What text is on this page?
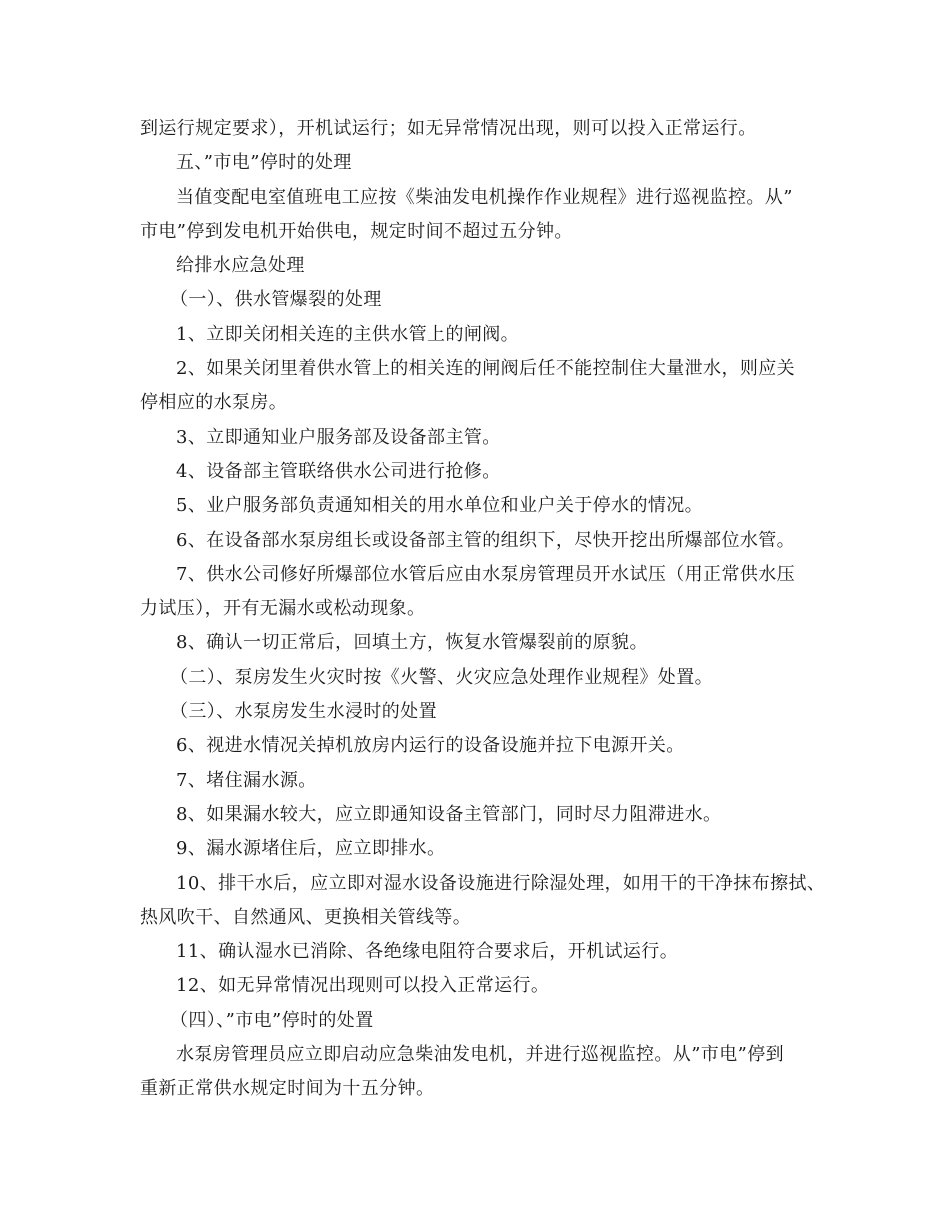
到运行规定要求），开机试运行；如无异常情况出现，则可以投入正常运行。
五、”市电”停时的处理
当值变配电室值班电工应按《柴油发电机操作作业规程》进行巡视监控。从”
市电”停到发电机开始供电，规定时间不超过五分钟。
给排水应急处理
（一）、供水管爆裂的处理
1、立即关闭相关连的主供水管上的闸阀。
2、如果关闭里着供水管上的相关连的闸阀后任不能控制住大量泄水，则应关
停相应的水泵房。
3、立即通知业户服务部及设备部主管。
4、设备部主管联络供水公司进行抢修。
5、业户服务部负责通知相关的用水单位和业户关于停水的情况。
6、在设备部水泵房组长或设备部主管的组织下，尽快开挖出所爆部位水管。
7、供水公司修好所爆部位水管后应由水泵房管理员开水试压（用正常供水压
力试压），开有无漏水或松动现象。
8、确认一切正常后，回填土方，恢复水管爆裂前的原貌。
（二）、泵房发生火灾时按《火警、火灾应急处理作业规程》处置。
（三）、水泵房发生水浸时的处置
6、视进水情况关掉机放房内运行的设备设施并拉下电源开关。
7、堵住漏水源。
8、如果漏水较大，应立即通知设备主管部门，同时尽力阻滞进水。
9、漏水源堵住后，应立即排水。
10、排干水后，应立即对湿水设备设施进行除湿处理，如用干的干净抹布擦拭、
热风吹干、自然通风、更换相关管线等。
11、确认湿水已消除、各绝缘电阻符合要求后，开机试运行。
12、如无异常情况出现则可以投入正常运行。
（四）、”市电”停时的处置
水泵房管理员应立即启动应急柴油发电机，并进行巡视监控。从”市电”停到
重新正常供水规定时间为十五分钟。
